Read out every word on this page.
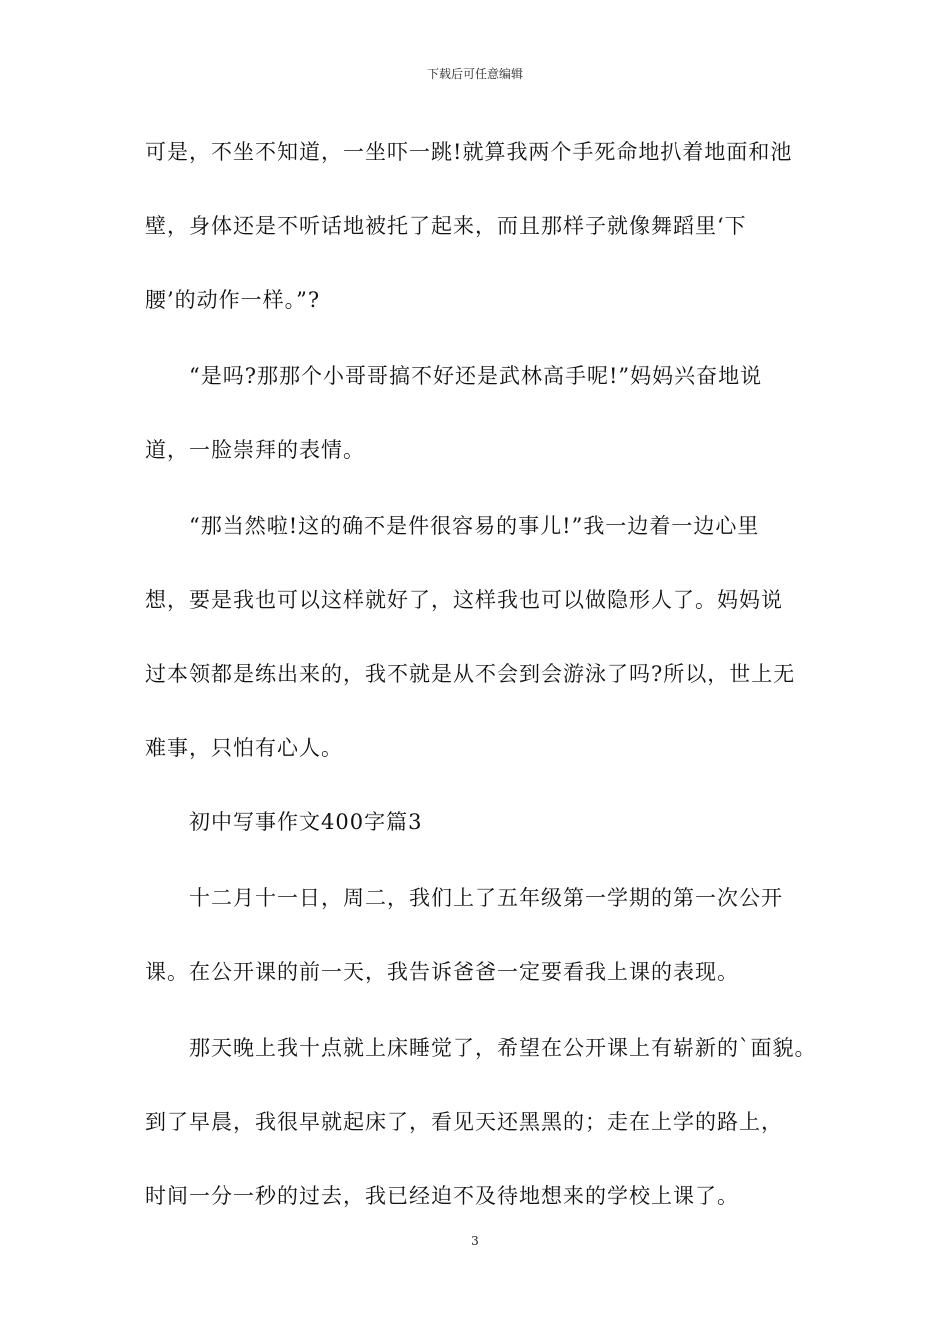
下载后可任意编辑
可是，不坐不知道，一坐吓一跳!就算我两个手死命地扒着地面和池
壁，身体还是不听话地被托了起来，而且那样子就像舞蹈里‘下
腰’的动作一样。”?
“是吗?那那个小哥哥搞不好还是武林高手呢!”妈妈兴奋地说
道，一脸崇拜的表情。
“那当然啦!这的确不是件很容易的事儿!”我一边着一边心里
想，要是我也可以这样就好了，这样我也可以做隐形人了。妈妈说
过本领都是练出来的，我不就是从不会到会游泳了吗?所以，世上无
难事，只怕有心人。
初中写事作文400字篇3
十二月十一日，周二，我们上了五年级第一学期的第一次公开
课。在公开课的前一天，我告诉爸爸一定要看我上课的表现。
那天晚上我十点就上床睡觉了，希望在公开课上有崭新的`面貌。
到了早晨，我很早就起床了，看见天还黑黑的；走在上学的路上，
时间一分一秒的过去，我已经迫不及待地想来的学校上课了。
3
